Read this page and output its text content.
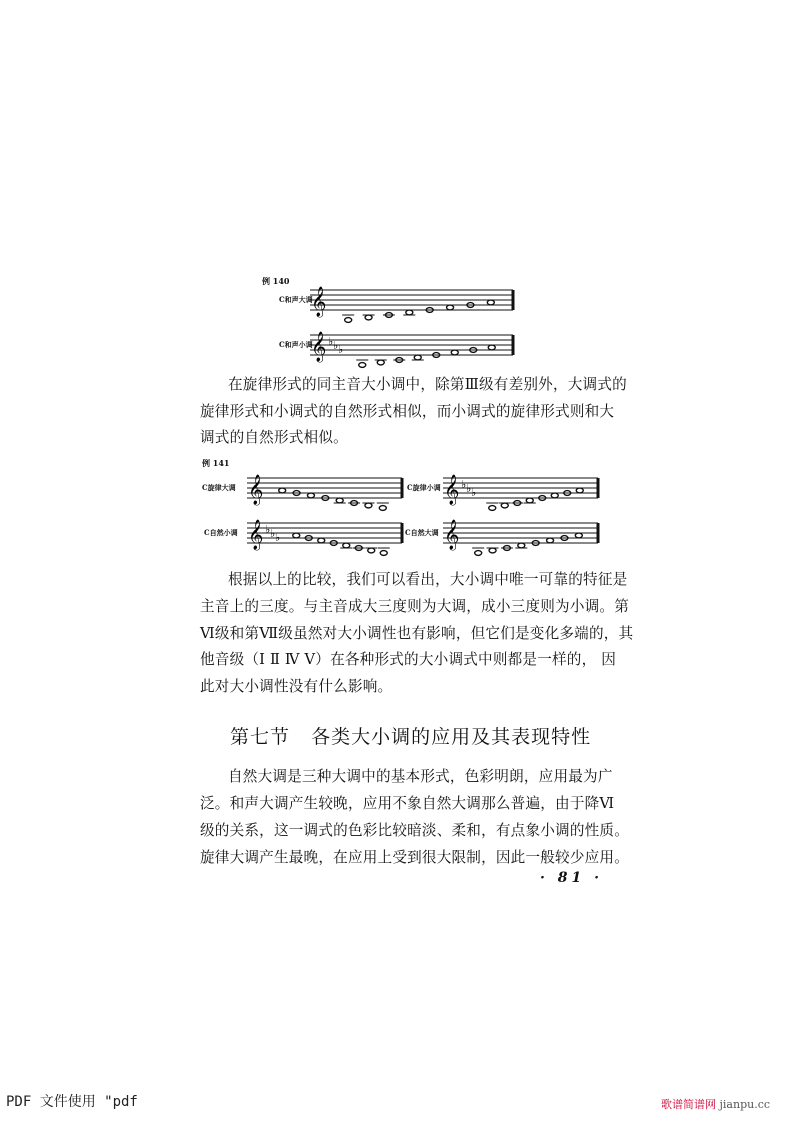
𝄞
𝄞 ♭ ♭ ♭
𝄞	𝄞 ♭ ♭ ♭
𝄞 ♭ ♭ ♭	𝄞
例 140
C和声大调
C和声小调
在旋律形式的同主音大小调中，除第Ⅲ级有差别外，大调式的
旋律形式和小调式的自然形式相似，而小调式的旋律形式则和大
调式的自然形式相似。
例 141
C旋律大调	C旋律小调
C自然小调	C自然大调
根据以上的比较，我们可以看出，大小调中唯一可靠的特征是
主音上的三度。与主音成大三度则为大调，成小三度则为小调。第
Ⅵ级和第Ⅶ级虽然对大小调性也有影响，但它们是变化多端的，其
他音级（Ⅰ Ⅱ Ⅳ Ⅴ）在各种形式的大小调式中则都是一样的， 因
此对大小调性没有什么影响。
第七节   各类大小调的应用及其表现特性
自然大调是三种大调中的基本形式，色彩明朗，应用最为广
泛。和声大调产生较晚，应用不象自然大调那么普遍，由于降Ⅵ
级的关系，这一调式的色彩比较暗淡、柔和，有点象小调的性质。
旋律大调产生最晚，在应用上受到很大限制，因此一般较少应用。
· 81 ·
PDF 文件使用 "pdf	歌谱简谱网 jianpu.cc
